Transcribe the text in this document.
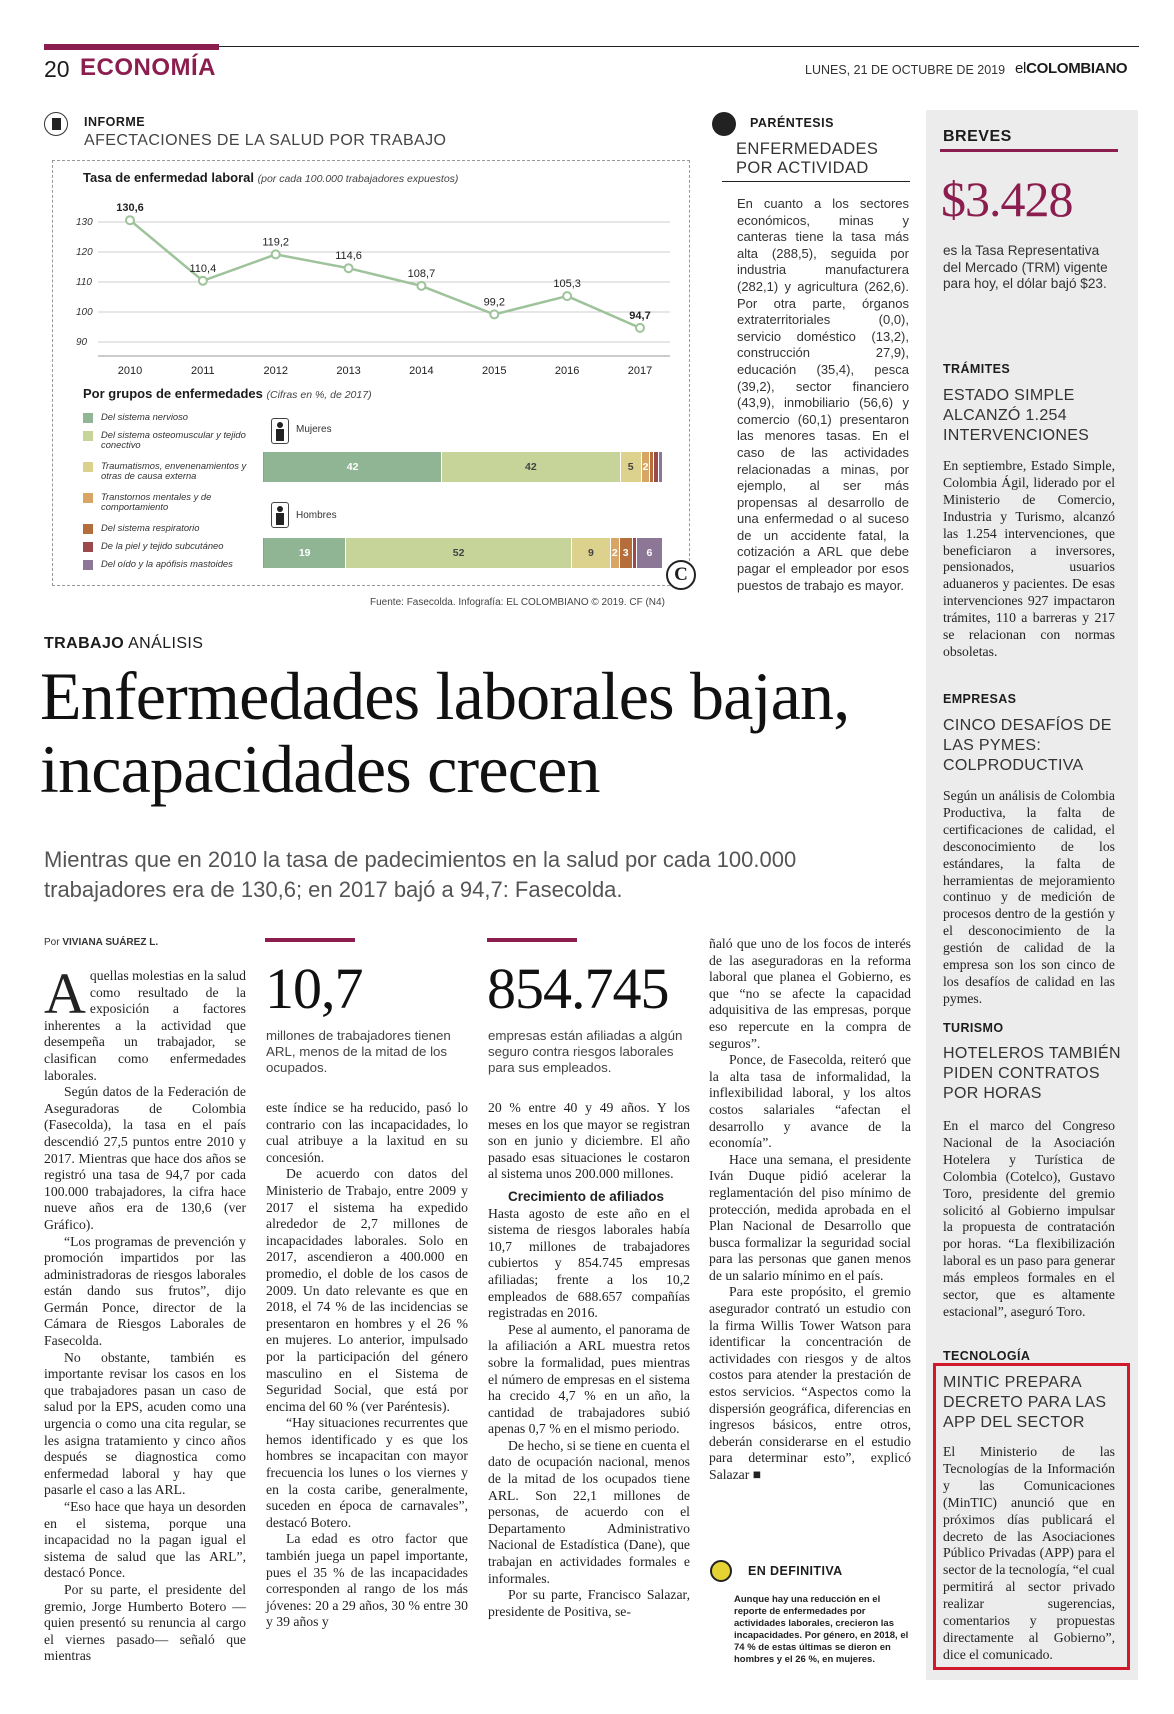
20 ECONOMÍA	LUNES, 21 DE OCTUBRE DE 2019 elCOLOMBIANO
INFORME
AFECTACIONES DE LA SALUD POR TRABAJO
Tasa de enfermedad laboral (por cada 100.000 trabajadores expuestos)
130
120
110
100
90
130,6
2010
110,4
2011
119,2
2012
114,6
2013
108,7
2014
99,2
2015
105,3
2016
94,7
2017
Por grupos de enfermedades (Cifras en %, de 2017)
Del sistema nervioso
Del sistema osteomuscular y tejido conectivo
Traumatismos, envenenamientos y otras de causa externa
Transtornos mentales y de comportamiento
Del sistema respiratorio
De la piel y tejido subcutáneo
Del oído y la apófisis mastoides
Mujeres
42	42	5 2
Hombres
19	52	9	2 3	6
C
Fuente: Fasecolda. Infografía: EL COLOMBIANO © 2019. CF (N4)
PARÉNTESIS
ENFERMEDADES POR ACTIVIDAD
En cuanto a los sectores económicos, minas y canteras tiene la tasa más alta (288,5), seguida por industria manufacturera (282,1) y agricultura (262,6). Por otra parte, órganos extraterritoriales (0,0), servicio doméstico (13,2), construcción 27,9), educación (35,4), pesca (39,2), sector financiero (43,9), inmobiliario (56,6) y comercio (60,1) presentaron las menores tasas. En el caso de las actividades relacionadas a minas, por ejemplo, al ser más propensas al desarrollo de una enfermedad o al suceso de un accidente fatal, la cotización a ARL que debe pagar el empleador por esos puestos de trabajo es mayor.
BREVES
$3.428
es la Tasa Representativa del Mercado (TRM) vigente para hoy, el dólar bajó $23.
TRÁMITES
ESTADO SIMPLE ALCANZÓ 1.254 INTERVENCIONES
En septiembre, Estado Simple, Colombia Ágil, liderado por el Ministerio de Comercio, Industria y Turismo, alcanzó las 1.254 intervenciones, que beneficiaron a inversores, pensionados, usuarios aduaneros y pacientes. De esas intervenciones 927 impactaron trámites, 110 a barreras y 217 se relacionan con normas obsoletas.
EMPRESAS
CINCO DESAFÍOS DE LAS PYMES: COLPRODUCTIVA
Según un análisis de Colombia Productiva, la falta de certificaciones de calidad, el desconocimiento de los estándares, la falta de herramientas de mejoramiento continuo y de medición de procesos dentro de la gestión y el desconocimiento de la gestión de calidad de la empresa son los son cinco de los desafíos de calidad en las pymes.
TURISMO
HOTELEROS TAMBIÉN PIDEN CONTRATOS POR HORAS
En el marco del Congreso Nacional de la Asociación Hotelera y Turística de Colombia (Cotelco), Gustavo Toro, presidente del gremio solicitó al Gobierno impulsar la propuesta de contratación por horas. “La flexibilización laboral es un paso para generar más empleos formales en el sector, que es altamente estacional”, aseguró Toro.
TECNOLOGÍA
MINTIC PREPARA DECRETO PARA LAS APP DEL SECTOR
El Ministerio de las Tecnologías de la Información y las Comunicaciones (MinTIC) anunció que en próximos días publicará el decreto de las Asociaciones Público Privadas (APP) para el sector de la tecnología, “el cual permitirá al sector privado realizar sugerencias, comentarios y propuestas directamente al Gobierno”, dice el comunicado.
TRABAJO ANÁLISIS
Enfermedades laborales bajan, incapacidades crecen
Mientras que en 2010 la tasa de padecimientos en la salud por cada 100.000 trabajadores era de 130,6; en 2017 bajó a 94,7: Fasecolda.
Por VIVIANA SUÁREZ L.

Aquellas molestias en la salud como resultado de la exposición a factores inherentes a la actividad que desempeña un trabajador, se clasifican como enfermedades laborales.

Según datos de la Federación de Aseguradoras de Colombia (Fasecolda), la tasa en el país descendió 27,5 puntos entre 2010 y 2017. Mientras que hace dos años se registró una tasa de 94,7 por cada 100.000 trabajadores, la cifra hace nueve años era de 130,6 (ver Gráfico).

“Los programas de prevención y promoción impartidos por las administradoras de riesgos laborales están dando sus frutos”, dijo Germán Ponce, director de la Cámara de Riesgos Laborales de Fasecolda.

No obstante, también es importante revisar los casos en los que trabajadores pasan un caso de salud por la EPS, acuden como una urgencia o como una cita regular, se les asigna tratamiento y cinco años después se diagnostica como enfermedad laboral y hay que pasarle el caso a las ARL.

“Eso hace que haya un desorden en el sistema, porque una incapacidad no la pagan igual el sistema de salud que las ARL”, destacó Ponce.

Por su parte, el presidente del gremio, Jorge Humberto Botero —quien presentó su renuncia al cargo el viernes pasado— señaló que mientras

10,7
millones de trabajadores tienen ARL, menos de la mitad de los ocupados.

este índice se ha reducido, pasó lo contrario con las incapacidades, lo cual atribuye a la laxitud en su concesión.

De acuerdo con datos del Ministerio de Trabajo, entre 2009 y 2017 el sistema ha expedido alrededor de 2,7 millones de incapacidades laborales. Solo en 2017, ascendieron a 400.000 en promedio, el doble de los casos de 2009. Un dato relevante es que en 2018, el 74 % de las incidencias se presentaron en hombres y el 26 % en mujeres. Lo anterior, impulsado por la participación del género masculino en el Sistema de Seguridad Social, que está por encima del 60 % (ver Paréntesis).

“Hay situaciones recurrentes que hemos identificado y es que los hombres se incapacitan con mayor frecuencia los lunes o los viernes y en la costa caribe, generalmente, suceden en época de carnavales”, destacó Botero.

La edad es otro factor que también juega un papel importante, pues el 35 % de las incapacidades corresponden al rango de los más jóvenes: 20 a 29 años, 30 % entre 30 y 39 años y

854.745
empresas están afiliadas a algún seguro contra riesgos laborales para sus empleados.

20 % entre 40 y 49 años. Y los meses en los que mayor se registran son en junio y diciembre. El año pasado esas situaciones le costaron al sistema unos 200.000 millones.

Crecimiento de afiliados

Hasta agosto de este año en el sistema de riesgos laborales había 10,7 millones de trabajadores cubiertos y 854.745 empresas afiliadas; frente a los 10,2 empleados de 688.657 compañías registradas en 2016.

Pese al aumento, el panorama de la afiliación a ARL muestra retos sobre la formalidad, pues mientras el número de empresas en el sistema ha crecido 4,7 % en un año, la cantidad de trabajadores subió apenas 0,7 % en el mismo periodo.

De hecho, si se tiene en cuenta el dato de ocupación nacional, menos de la mitad de los ocupados tiene ARL. Son 22,1 millones de personas, de acuerdo con el Departamento Administrativo Nacional de Estadística (Dane), que trabajan en actividades formales e informales.

Por su parte, Francisco Salazar, presidente de Positiva, se-

ñaló que uno de los focos de interés de las aseguradoras en la reforma laboral que planea el Gobierno, es que “no se afecte la capacidad adquisitiva de las empresas, porque eso repercute en la compra de seguros”.

Ponce, de Fasecolda, reiteró que la alta tasa de informalidad, la inflexibilidad laboral, y los altos costos salariales “afectan el desarrollo y avance de la economía”.

Hace una semana, el presidente Iván Duque pidió acelerar la reglamentación del piso mínimo de protección, medida aprobada en el Plan Nacional de Desarrollo que busca formalizar la seguridad social para las personas que ganen menos de un salario mínimo en el país.

Para este propósito, el gremio asegurador contrató un estudio con la firma Willis Tower Watson para identificar la concentración de actividades con riesgos y de altos costos para atender la prestación de estos servicios. “Aspectos como la dispersión geográfica, diferencias en ingresos básicos, entre otros, deberán considerarse en el estudio para determinar esto”, explicó Salazar ■

EN DEFINITIVA
Aunque hay una reducción en el reporte de enfermedades por actividades laborales, crecieron las incapacidades. Por género, en 2018, el 74 % de estas últimas se dieron en hombres y el 26 %, en mujeres.
